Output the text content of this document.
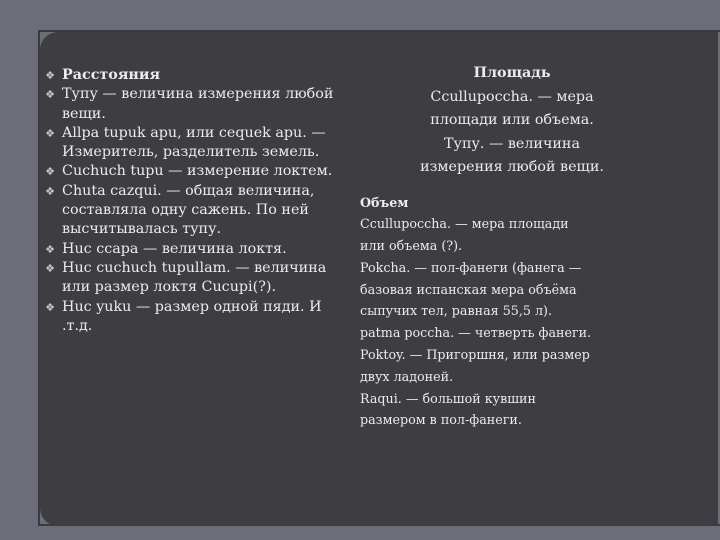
❖ Расстояния
❖ Тупу — величина измерения любой вещи.
❖ Allpa tupuk apu, или cequek apu. — Измеритель, разделитель земель.
❖ Cuchuch tupu — измерение локтем.
❖ Chuta cazqui. — общая величина, составляла одну сажень. По ней высчитывалась тупу.
❖ Huc ccapa — величина локтя.
❖ Huc cuchuch tupullam. — величина или размер локтя Cucupi(?).
❖ Huc yuku — размер одной пяди. И .т.д.

Площадь

Ccullupoccha. — мера

площади или объема.

Тупу. — величина

измерения любой вещи.

Объем

Ccullupoccha. — мера площади

или объема (?).

Pokcha. — пол-фанеги (фанега —

базовая испанская мера объёма

сыпучих тел, равная 55,5 л).

patma poccha. — четверть фанеги.

Poktoy. — Пригоршня, или размер

двух ладоней.

Raqui. — большой кувшин

размером в пол-фанеги.
